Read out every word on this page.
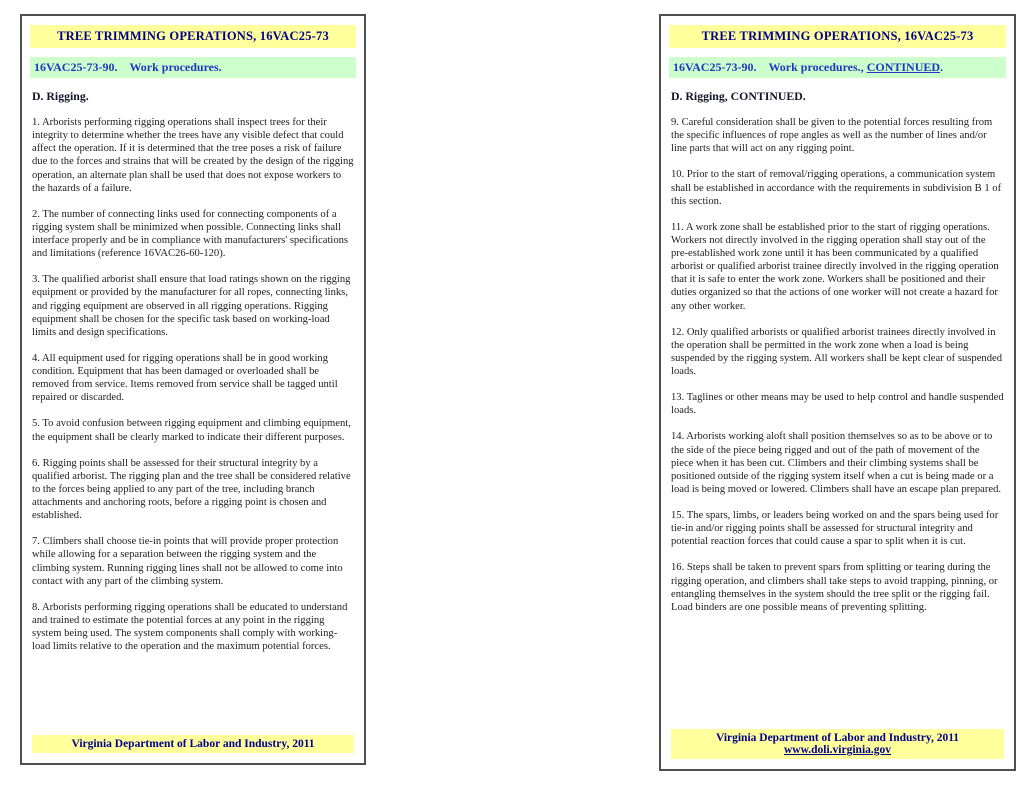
TREE TRIMMING OPERATIONS, 16VAC25-73
16VAC25-73-90. Work procedures.
D. Rigging.

1. Arborists performing rigging operations shall inspect trees for their integrity to determine whether the trees have any visible defect that could affect the operation. If it is determined that the tree poses a risk of failure due to the forces and strains that will be created by the design of the rigging operation, an alternate plan shall be used that does not expose workers to the hazards of a failure.

2. The number of connecting links used for connecting components of a rigging system shall be minimized when possible. Connecting links shall interface properly and be in compliance with manufacturers' specifications and limitations (reference 16VAC26-60-120).

3. The qualified arborist shall ensure that load ratings shown on the rigging equipment or provided by the manufacturer for all ropes, connecting links, and rigging equipment are observed in all rigging operations. Rigging equipment shall be chosen for the specific task based on working-load limits and design specifications.

4. All equipment used for rigging operations shall be in good working condition. Equipment that has been damaged or overloaded shall be removed from service. Items removed from service shall be tagged until repaired or discarded.

5. To avoid confusion between rigging equipment and climbing equipment, the equipment shall be clearly marked to indicate their different purposes.

6. Rigging points shall be assessed for their structural integrity by a qualified arborist. The rigging plan and the tree shall be considered relative to the forces being applied to any part of the tree, including branch attachments and anchoring roots, before a rigging point is chosen and established.

7. Climbers shall choose tie-in points that will provide proper protection while allowing for a separation between the rigging system and the climbing system. Running rigging lines shall not be allowed to come into contact with any part of the climbing system.

8. Arborists performing rigging operations shall be educated to understand and trained to estimate the potential forces at any point in the rigging system being used. The system components shall comply with working-load limits relative to the operation and the maximum potential forces.

Virginia Department of Labor and Industry, 2011
TREE TRIMMING OPERATIONS, 16VAC25-73
16VAC25-73-90. Work procedures., CONTINUED.
D. Rigging, CONTINUED.

9. Careful consideration shall be given to the potential forces resulting from the specific influences of rope angles as well as the number of lines and/or line parts that will act on any rigging point.

10. Prior to the start of removal/rigging operations, a communication system shall be established in accordance with the requirements in subdivision B 1 of this section.

11. A work zone shall be established prior to the start of rigging operations. Workers not directly involved in the rigging operation shall stay out of the pre-established work zone until it has been communicated by a qualified arborist or qualified arborist trainee directly involved in the rigging operation that it is safe to enter the work zone. Workers shall be positioned and their duties organized so that the actions of one worker will not create a hazard for any other worker.

12. Only qualified arborists or qualified arborist trainees directly involved in the operation shall be permitted in the work zone when a load is being suspended by the rigging system. All workers shall be kept clear of suspended loads.

13. Taglines or other means may be used to help control and handle suspended loads.

14. Arborists working aloft shall position themselves so as to be above or to the side of the piece being rigged and out of the path of movement of the piece when it has been cut. Climbers and their climbing systems shall be positioned outside of the rigging system itself when a cut is being made or a load is being moved or lowered. Climbers shall have an escape plan prepared.

15. The spars, limbs, or leaders being worked on and the spars being used for tie-in and/or rigging points shall be assessed for structural integrity and potential reaction forces that could cause a spar to split when it is cut.

16. Steps shall be taken to prevent spars from splitting or tearing during the rigging operation, and climbers shall take steps to avoid trapping, pinning, or entangling themselves in the system should the tree split or the rigging fail. Load binders are one possible means of preventing splitting.

Virginia Department of Labor and Industry, 2011
www.doli.virginia.gov
